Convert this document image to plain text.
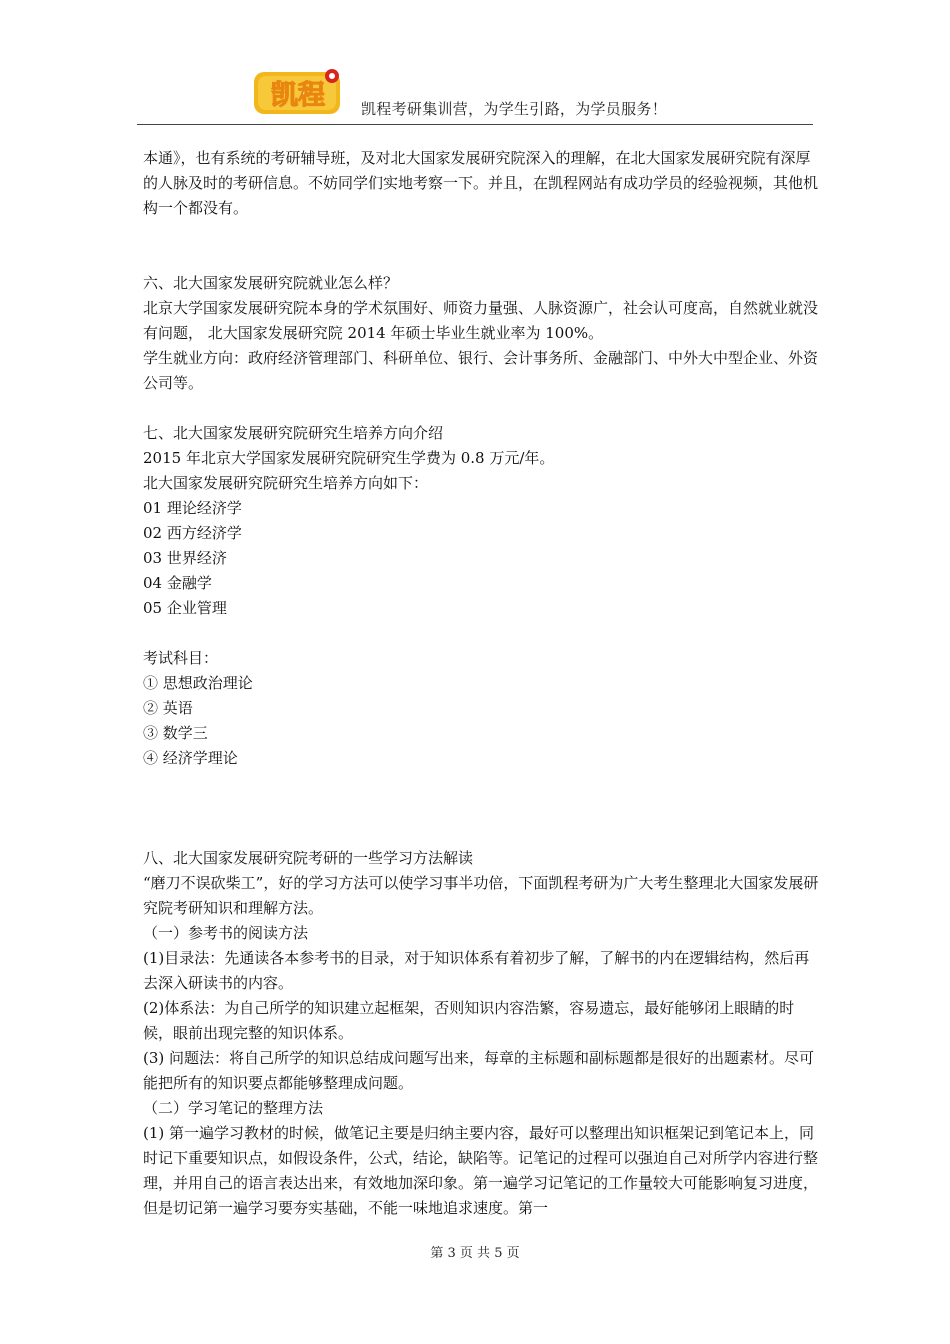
凯程 凯程考研集训营，为学生引路，为学员服务！

本通》，也有系统的考研辅导班，及对北大国家发展研究院深入的理解，在北大国家发展研究院有深厚的人脉及时的考研信息。不妨同学们实地考察一下。并且，在凯程网站有成功学员的经验视频，其他机构一个都没有。

六、北大国家发展研究院就业怎么样？

北京大学国家发展研究院本身的学术氛围好、师资力量强、人脉资源广，社会认可度高，自然就业就没有问题， 北大国家发展研究院 2014 年硕士毕业生就业率为 100%。

学生就业方向：政府经济管理部门、科研单位、银行、会计事务所、金融部门、中外大中型企业、外资公司等。

七、北大国家发展研究院研究生培养方向介绍

2015 年北京大学国家发展研究院研究生学费为 0.8 万元/年。

北大国家发展研究院研究生培养方向如下：

01 理论经济学

02 西方经济学

03 世界经济

04 金融学

05 企业管理

考试科目：

① 思想政治理论

② 英语

③ 数学三

④ 经济学理论

八、北大国家发展研究院考研的一些学习方法解读

“磨刀不误砍柴工”，好的学习方法可以使学习事半功倍，下面凯程考研为广大考生整理北大国家发展研究院考研知识和理解方法。

（一）参考书的阅读方法

(1)目录法：先通读各本参考书的目录，对于知识体系有着初步了解，了解书的内在逻辑结构，然后再去深入研读书的内容。

(2)体系法：为自己所学的知识建立起框架，否则知识内容浩繁，容易遗忘，最好能够闭上眼睛的时候，眼前出现完整的知识体系。

(3) 问题法：将自己所学的知识总结成问题写出来，每章的主标题和副标题都是很好的出题素材。尽可能把所有的知识要点都能够整理成问题。

（二）学习笔记的整理方法

(1) 第一遍学习教材的时候，做笔记主要是归纳主要内容，最好可以整理出知识框架记到笔记本上，同时记下重要知识点，如假设条件，公式，结论，缺陷等。记笔记的过程可以强迫自己对所学内容进行整理，并用自己的语言表达出来，有效地加深印象。第一遍学习记笔记的工作量较大可能影响复习进度，但是切记第一遍学习要夯实基础，不能一味地追求速度。第一

第 3 页 共 5 页
